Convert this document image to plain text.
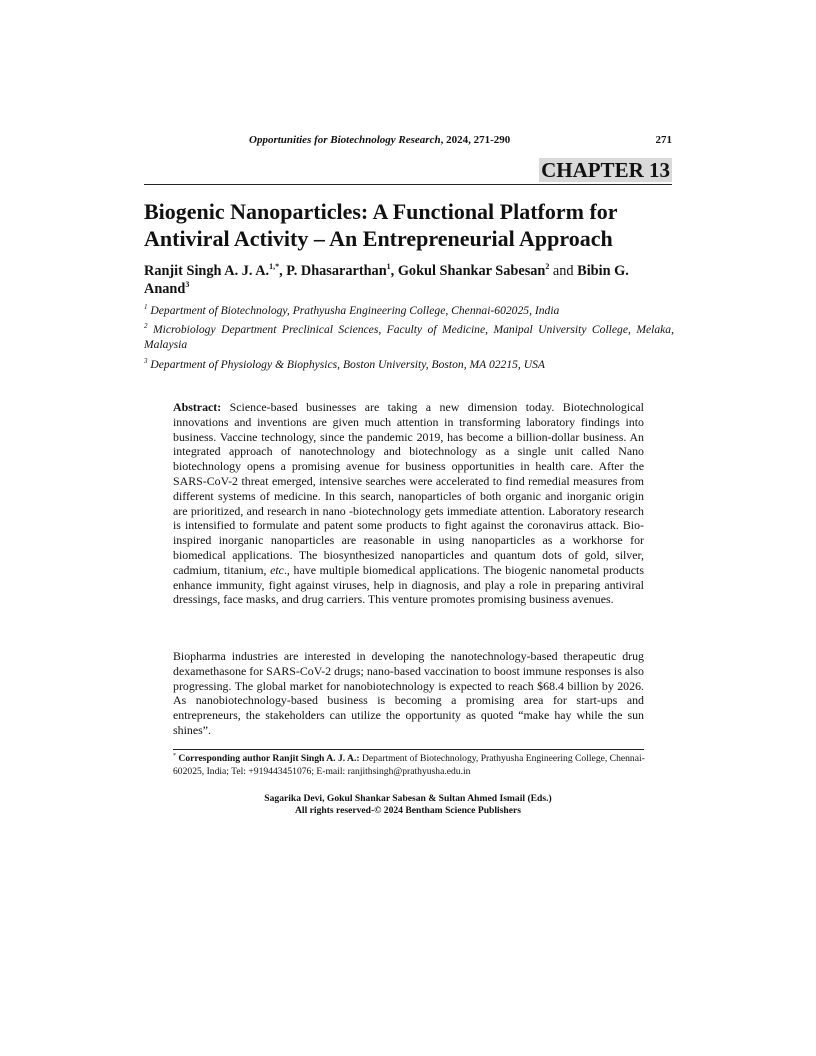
Opportunities for Biotechnology Research, 2024, 271-290	271
CHAPTER 13
Biogenic Nanoparticles: A Functional Platform for Antiviral Activity – An Entrepreneurial Approach

Ranjit Singh A. J. A.$^{1,*}$, P. Dhasararthan$^1$, Gokul Shankar Sabesan$^2$ and Bibin G. Anand$^3$

$^1$ Department of Biotechnology, Prathyusha Engineering College, Chennai-602025, India

$^2$ Microbiology Department Preclinical Sciences, Faculty of Medicine, Manipal University College, Melaka, Malaysia

$^3$ Department of Physiology & Biophysics, Boston University, Boston, MA 02215, USA

Abstract: Science-based businesses are taking a new dimension today. Biotechnological innovations and inventions are given much attention in transforming laboratory findings into business. Vaccine technology, since the pandemic 2019, has become a billion-dollar business. An integrated approach of nanotechnology and biotechnology as a single unit called Nano biotechnology opens a promising avenue for business opportunities in health care. After the SARS-CoV-2 threat emerged, intensive searches were accelerated to find remedial measures from different systems of medicine. In this search, nanoparticles of both organic and inorganic origin are prioritized, and research in nano -biotechnology gets immediate attention. Laboratory research is intensified to formulate and patent some products to fight against the coronavirus attack. Bio-inspired inorganic nanoparticles are reasonable in using nanoparticles as a workhorse for biomedical applications. The biosynthesized nanoparticles and quantum dots of gold, silver, cadmium, titanium, etc., have multiple biomedical applications. The biogenic nanometal products enhance immunity, fight against viruses, help in diagnosis, and play a role in preparing antiviral dressings, face masks, and drug carriers. This venture promotes promising business avenues.

Biopharma industries are interested in developing the nanotechnology-based therapeutic drug dexamethasone for SARS-CoV-2 drugs; nano-based vaccination to boost immune responses is also progressing. The global market for nanobiotechnology is expected to reach $68.4 billion by 2026. As nanobiotechnology-based business is becoming a promising area for start-ups and entrepreneurs, the stakeholders can utilize the opportunity as quoted “make hay while the sun shines”.

* Corresponding author Ranjit Singh A. J. A.: Department of Biotechnology, Prathyusha Engineering College, Chennai-602025, India; Tel: +919443451076; E-mail: ranjithsingh@prathyusha.edu.in

Sagarika Devi, Gokul Shankar Sabesan & Sultan Ahmed Ismail (Eds.)
All rights reserved-© 2024 Bentham Science Publishers
